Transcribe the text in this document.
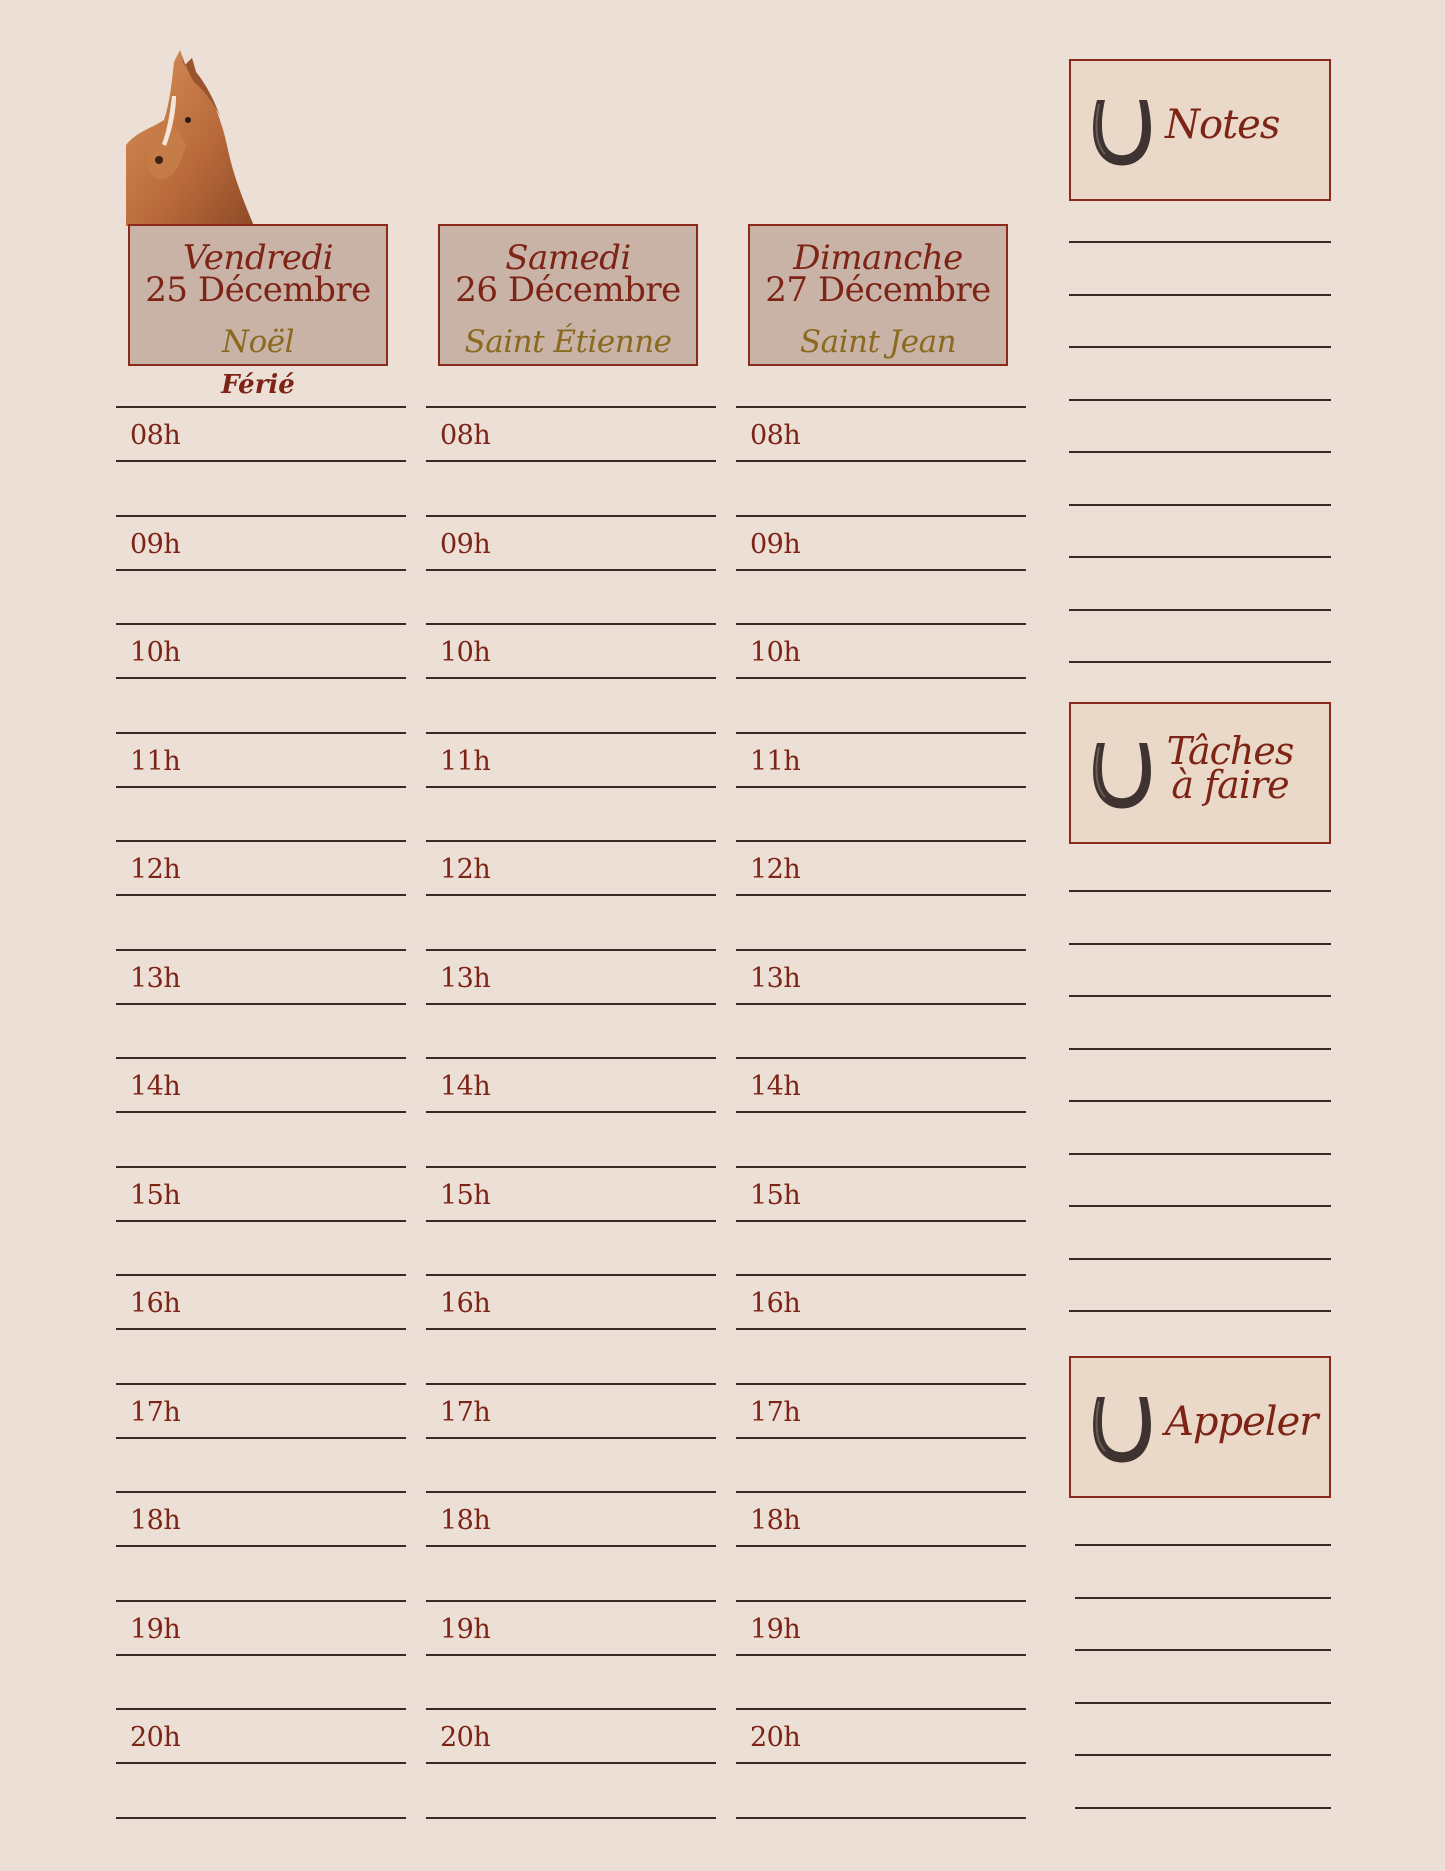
Vendredi
25 Décembre
Noël
Férié
08h
09h
10h
11h
12h
13h
14h
15h
16h
17h
18h
19h
20h
Samedi
26 Décembre
Saint Étienne
08h
09h
10h
11h
12h
13h
14h
15h
16h
17h
18h
19h
20h
Dimanche
27 Décembre
Saint Jean
08h
09h
10h
11h
12h
13h
14h
15h
16h
17h
18h
19h
20h
Notes
Tâches
à faire
Appeler
